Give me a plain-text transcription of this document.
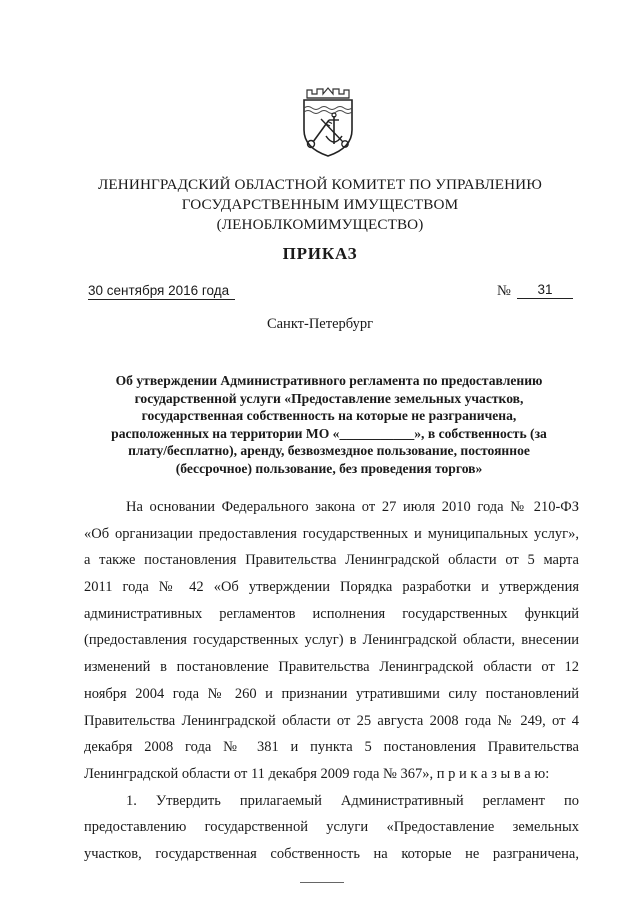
ЛЕНИНГРАДСКИЙ ОБЛАСТНОЙ КОМИТЕТ ПО УПРАВЛЕНИЮ
ГОСУДАРСТВЕННЫМ ИМУЩЕСТВОМ
(ЛЕНОБЛКОМИМУЩЕСТВО)
ПРИКАЗ
30 сентября 2016 года	№	31
Санкт-Петербург
Об утверждении Административного регламента по предоставлению
государственной услуги «Предоставление земельных участков,
государственная собственность на которые не разграничена,
расположенных на территории МО «___________», в собственность (за
плату/бесплатно), аренду, безвозмездное пользование, постоянное
(бессрочное) пользование, без проведения торгов»
На основании Федерального закона от 27 июля 2010 года № 210-ФЗ
«Об организации предоставления государственных и муниципальных услуг»,
а также постановления Правительства Ленинградской области от 5 марта
2011 года № 42 «Об утверждении Порядка разработки и утверждения
административных регламентов исполнения государственных функций
(предоставления государственных услуг) в Ленинградской области, внесении
изменений в постановление Правительства Ленинградской области от 12
ноября 2004 года № 260 и признании утратившими силу постановлений
Правительства Ленинградской области от 25 августа 2008 года № 249, от 4
декабря 2008 года № 381 и пункта 5 постановления Правительства
Ленинградской области от 11 декабря 2009 года № 367», п р и к а з ы в а ю:
1. Утвердить прилагаемый Административный регламент по
предоставлению государственной услуги «Предоставление земельных
участков, государственная собственность на которые не разграничена,
